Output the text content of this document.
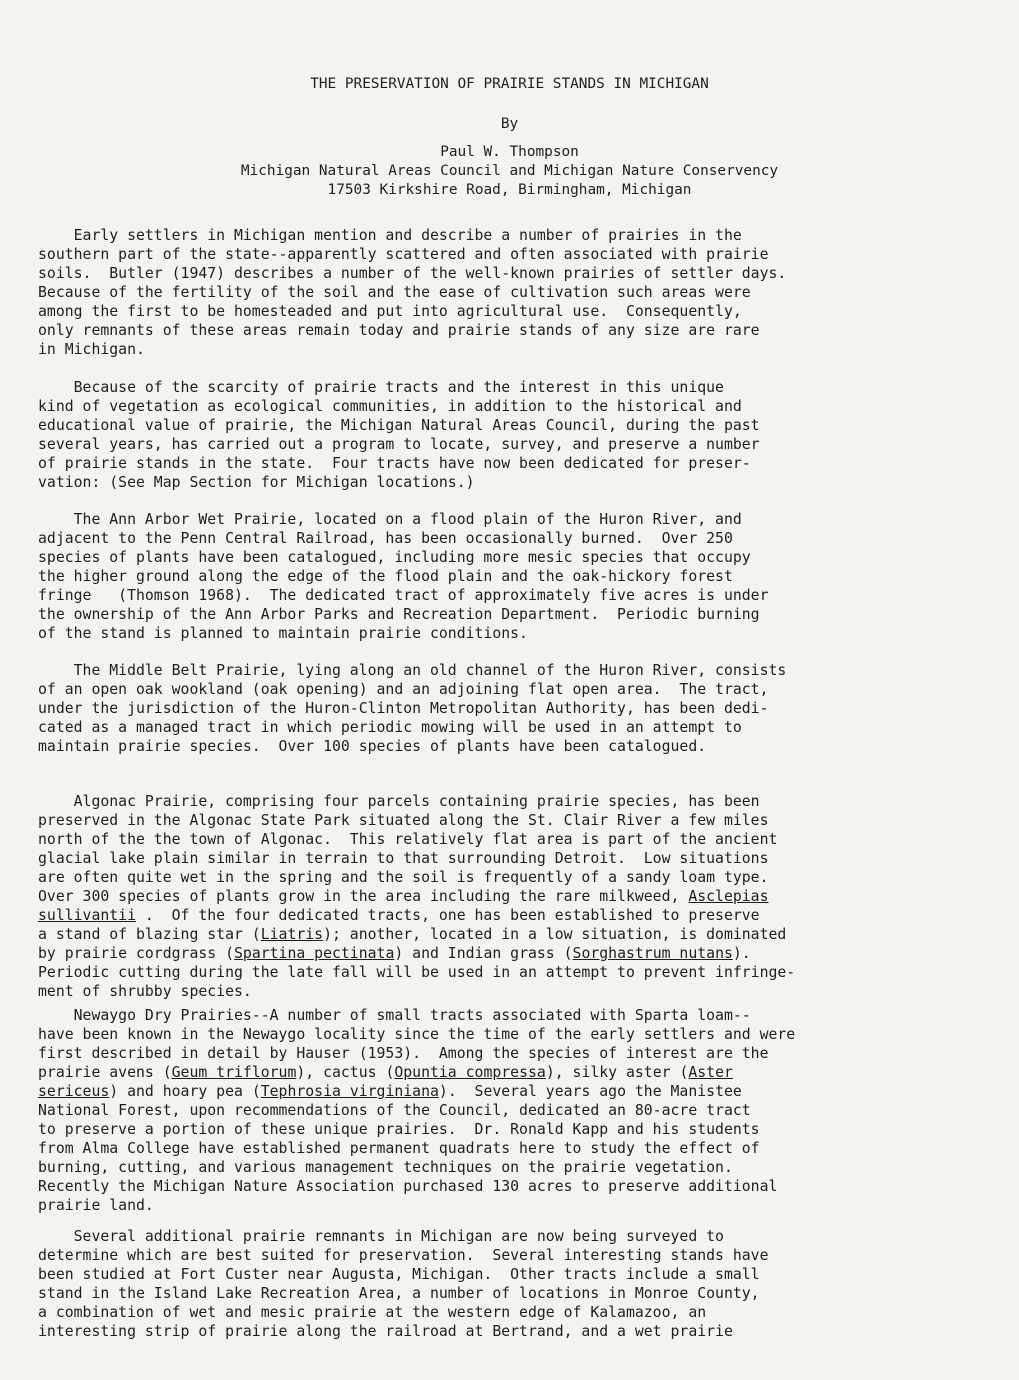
THE PRESERVATION OF PRAIRIE STANDS IN MICHIGAN
By
Paul W. Thompson
Michigan Natural Areas Council and Michigan Nature Conservency
17503 Kirkshire Road, Birmingham, Michigan
Early settlers in Michigan mention and describe a number of prairies in the
southern part of the state--apparently scattered and often associated with prairie
soils.  Butler (1947) describes a number of the well-known prairies of settler days.
Because of the fertility of the soil and the ease of cultivation such areas were
among the first to be homesteaded and put into agricultural use.  Consequently,
only remnants of these areas remain today and prairie stands of any size are rare
in Michigan.
Because of the scarcity of prairie tracts and the interest in this unique
kind of vegetation as ecological communities, in addition to the historical and
educational value of prairie, the Michigan Natural Areas Council, during the past
several years, has carried out a program to locate, survey, and preserve a number
of prairie stands in the state.  Four tracts have now been dedicated for preser-
vation: (See Map Section for Michigan locations.)
The Ann Arbor Wet Prairie, located on a flood plain of the Huron River, and
adjacent to the Penn Central Railroad, has been occasionally burned.  Over 250
species of plants have been catalogued, including more mesic species that occupy
the higher ground along the edge of the flood plain and the oak-hickory forest
fringe   (Thomson 1968).  The dedicated tract of approximately five acres is under
the ownership of the Ann Arbor Parks and Recreation Department.  Periodic burning
of the stand is planned to maintain prairie conditions.
The Middle Belt Prairie, lying along an old channel of the Huron River, consists
of an open oak wookland (oak opening) and an adjoining flat open area.  The tract,
under the jurisdiction of the Huron-Clinton Metropolitan Authority, has been dedi-
cated as a managed tract in which periodic mowing will be used in an attempt to
maintain prairie species.  Over 100 species of plants have been catalogued.
Algonac Prairie, comprising four parcels containing prairie species, has been
preserved in the Algonac State Park situated along the St. Clair River a few miles
north of the the town of Algonac.  This relatively flat area is part of the ancient
glacial lake plain similar in terrain to that surrounding Detroit.  Low situations
are often quite wet in the spring and the soil is frequently of a sandy loam type.
Over 300 species of plants grow in the area including the rare milkweed, Asclepias
sullivantii .  Of the four dedicated tracts, one has been established to preserve
a stand of blazing star (Liatris); another, located in a low situation, is dominated
by prairie cordgrass (Spartina pectinata) and Indian grass (Sorghastrum nutans).
Periodic cutting during the late fall will be used in an attempt to prevent infringe-
ment of shrubby species.
Newaygo Dry Prairies--A number of small tracts associated with Sparta loam--
have been known in the Newaygo locality since the time of the early settlers and were
first described in detail by Hauser (1953).  Among the species of interest are the
prairie avens (Geum triflorum), cactus (Opuntia compressa), silky aster (Aster
sericeus) and hoary pea (Tephrosia virginiana).  Several years ago the Manistee
National Forest, upon recommendations of the Council, dedicated an 80-acre tract
to preserve a portion of these unique prairies.  Dr. Ronald Kapp and his students
from Alma College have established permanent quadrats here to study the effect of
burning, cutting, and various management techniques on the prairie vegetation.
Recently the Michigan Nature Association purchased 130 acres to preserve additional
prairie land.
Several additional prairie remnants in Michigan are now being surveyed to
determine which are best suited for preservation.  Several interesting stands have
been studied at Fort Custer near Augusta, Michigan.  Other tracts include a small
stand in the Island Lake Recreation Area, a number of locations in Monroe County,
a combination of wet and mesic prairie at the western edge of Kalamazoo, an
interesting strip of prairie along the railroad at Bertrand, and a wet prairie
